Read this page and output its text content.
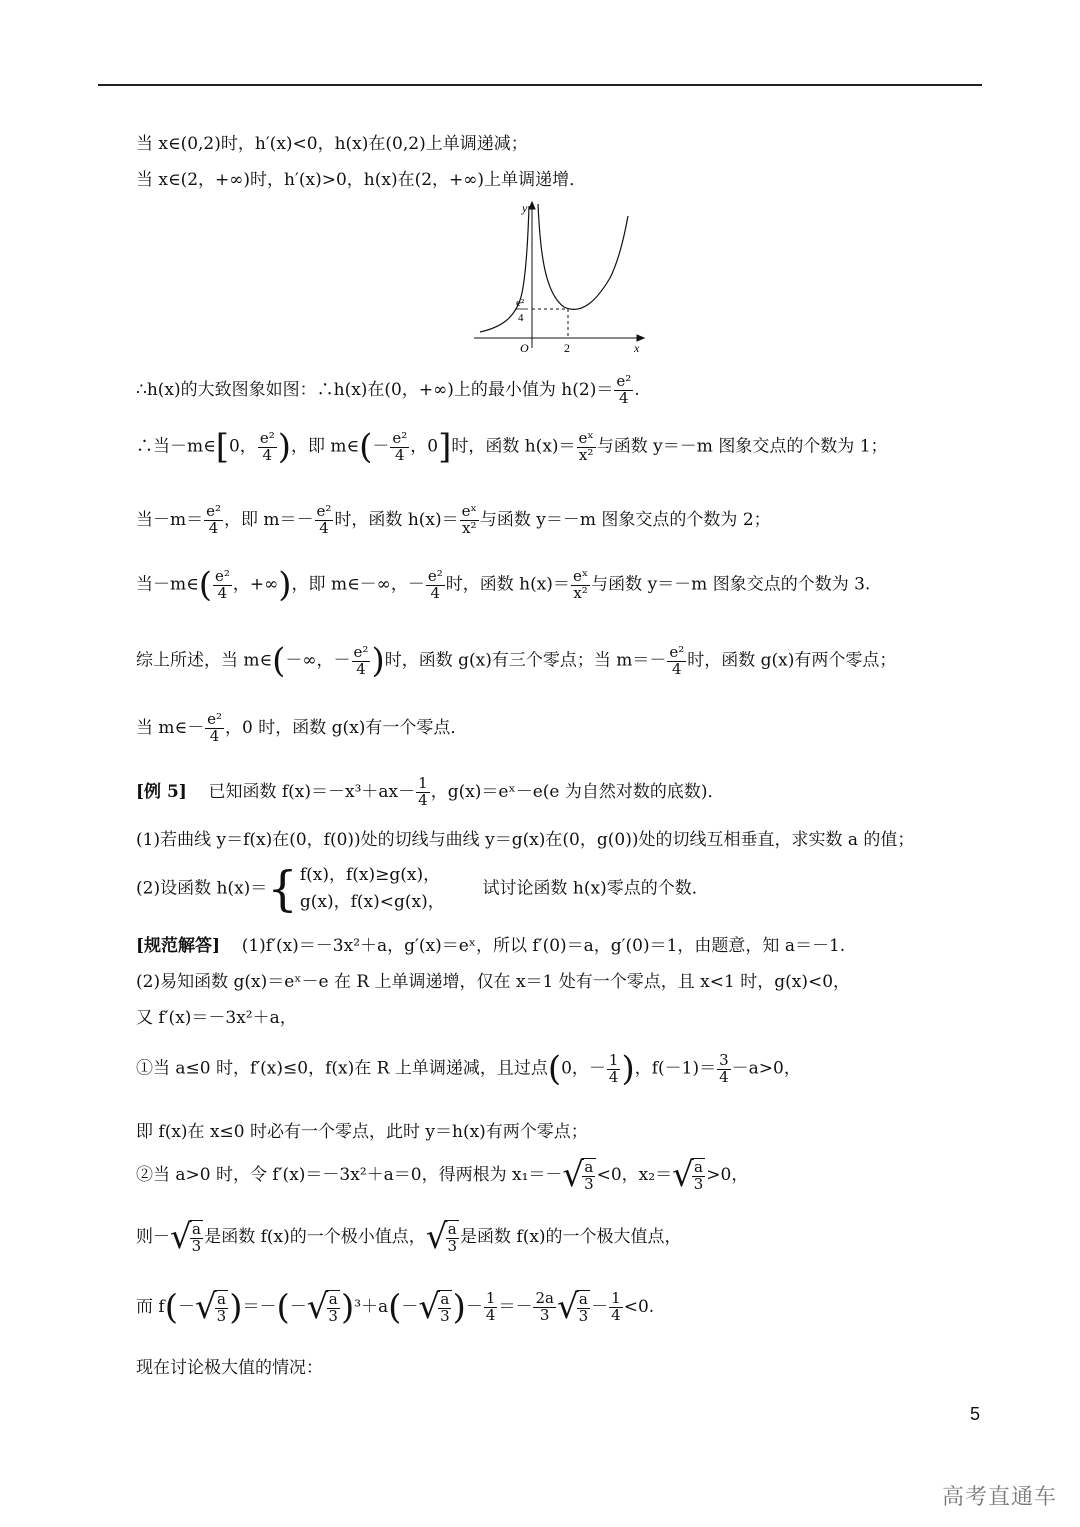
当 x∈(0,2)时，h′(x)<0，h(x)在(0,2)上单调递减；
当 x∈(2，+∞)时，h′(x)>0，h(x)在(2，+∞)上单调递增．
y
x
O	2
e²
4
∴h(x)的大致图象如图：∴h(x)在(0，+∞)上的最小值为 $h(2)= \frac{\text{e²}}{4}$ .
∴当－m∈[0， $\frac{\text{e²}}{4}$ )，即 m∈(－ $\frac{\text{e²}}{4}$ ，0]时，函数 $h(x)= \frac{\text{eˣ}}{\text{x²}}$ 与函数 y＝－m 图象交点的个数为 1；
当$-m= \frac{\text{e²}}{4}$ ，即 $m=- \frac{\text{e²}}{4}$ 时，函数 $h(x)= \frac{\text{eˣ}}{\text{x²}}$ 与函数 y＝－m 图象交点的个数为 2；
当－m∈( $\frac{\text{e²}}{4}$ ，+∞)，即 m∈－∞，－ $\frac{\text{e²}}{4}$ 时，函数 $h(x)= \frac{\text{eˣ}}{\text{x²}}$ 与函数 y＝－m 图象交点的个数为 3.
综上所述，当 m∈(－∞，－ $\frac{\text{e²}}{4}$ )时，函数 g(x)有三个零点；当 $m=- \frac{\text{e²}}{4}$ 时，函数 g(x)有两个零点；
当 m∈－ $\frac{\text{e²}}{4}$ ，0 时，函数 g(x)有一个零点．
[例 5] 已知函数 $f(x)=-x^3+ax- \frac{1}{4}$ ，g(x)＝eˣ－e(e 为自然对数的底数)．
(1)若曲线 y＝f(x)在(0，f(0))处的切线与曲线 y＝g(x)在(0，g(0))处的切线互相垂直，求实数 a 的值；
(2)设函数 h(x)＝{ f(x)，f(x)≥g(x)，
g(x)，f(x)<g(x)，
试讨论函数 h(x)零点的个数．
[规范解答] (1)f′(x)＝－3x²＋a，g′(x)＝eˣ，所以 f′(0)＝a，g′(0)＝1，由题意，知 a＝－1.
(2)易知函数 g(x)＝eˣ－e 在 R 上单调递增，仅在 x＝1 处有一个零点，且 x<1 时，g(x)<0，
又 f′(x)＝－3x²＋a，
①当 a≤0 时，f′(x)≤0，f(x)在 R 上单调递减，且过点(0，－ $\frac{1}{4}$ )，$f(-1)= \frac{3}{4} -a>0$，
即 f(x)在 x≤0 时必有一个零点，此时 y＝h(x)有两个零点；
②当 a>0 时，令 f′(x)＝－3x²＋a＝0，得两根为 x₁＝－ √
$\frac{a}{3} <0$，x₂＝ √
$\frac{a}{3} >0$，
则－ √
$\frac{a}{3}$ 是函数 f(x)的一个极小值点， √
$\frac{a}{3}$ 是函数 f(x)的一个极大值点，
而 f(－ √
$\frac{a}{3}$ )＝－(－ √
$\frac{a}{3} )^3+a(-$ √
$\frac{a}{3}$ )－ $\frac{1}{4} =- \frac{2a}{3}$ √
$\frac{a}{3} - \frac{1}{4} <0$.
现在讨论极大值的情况：
5
高考直通车
